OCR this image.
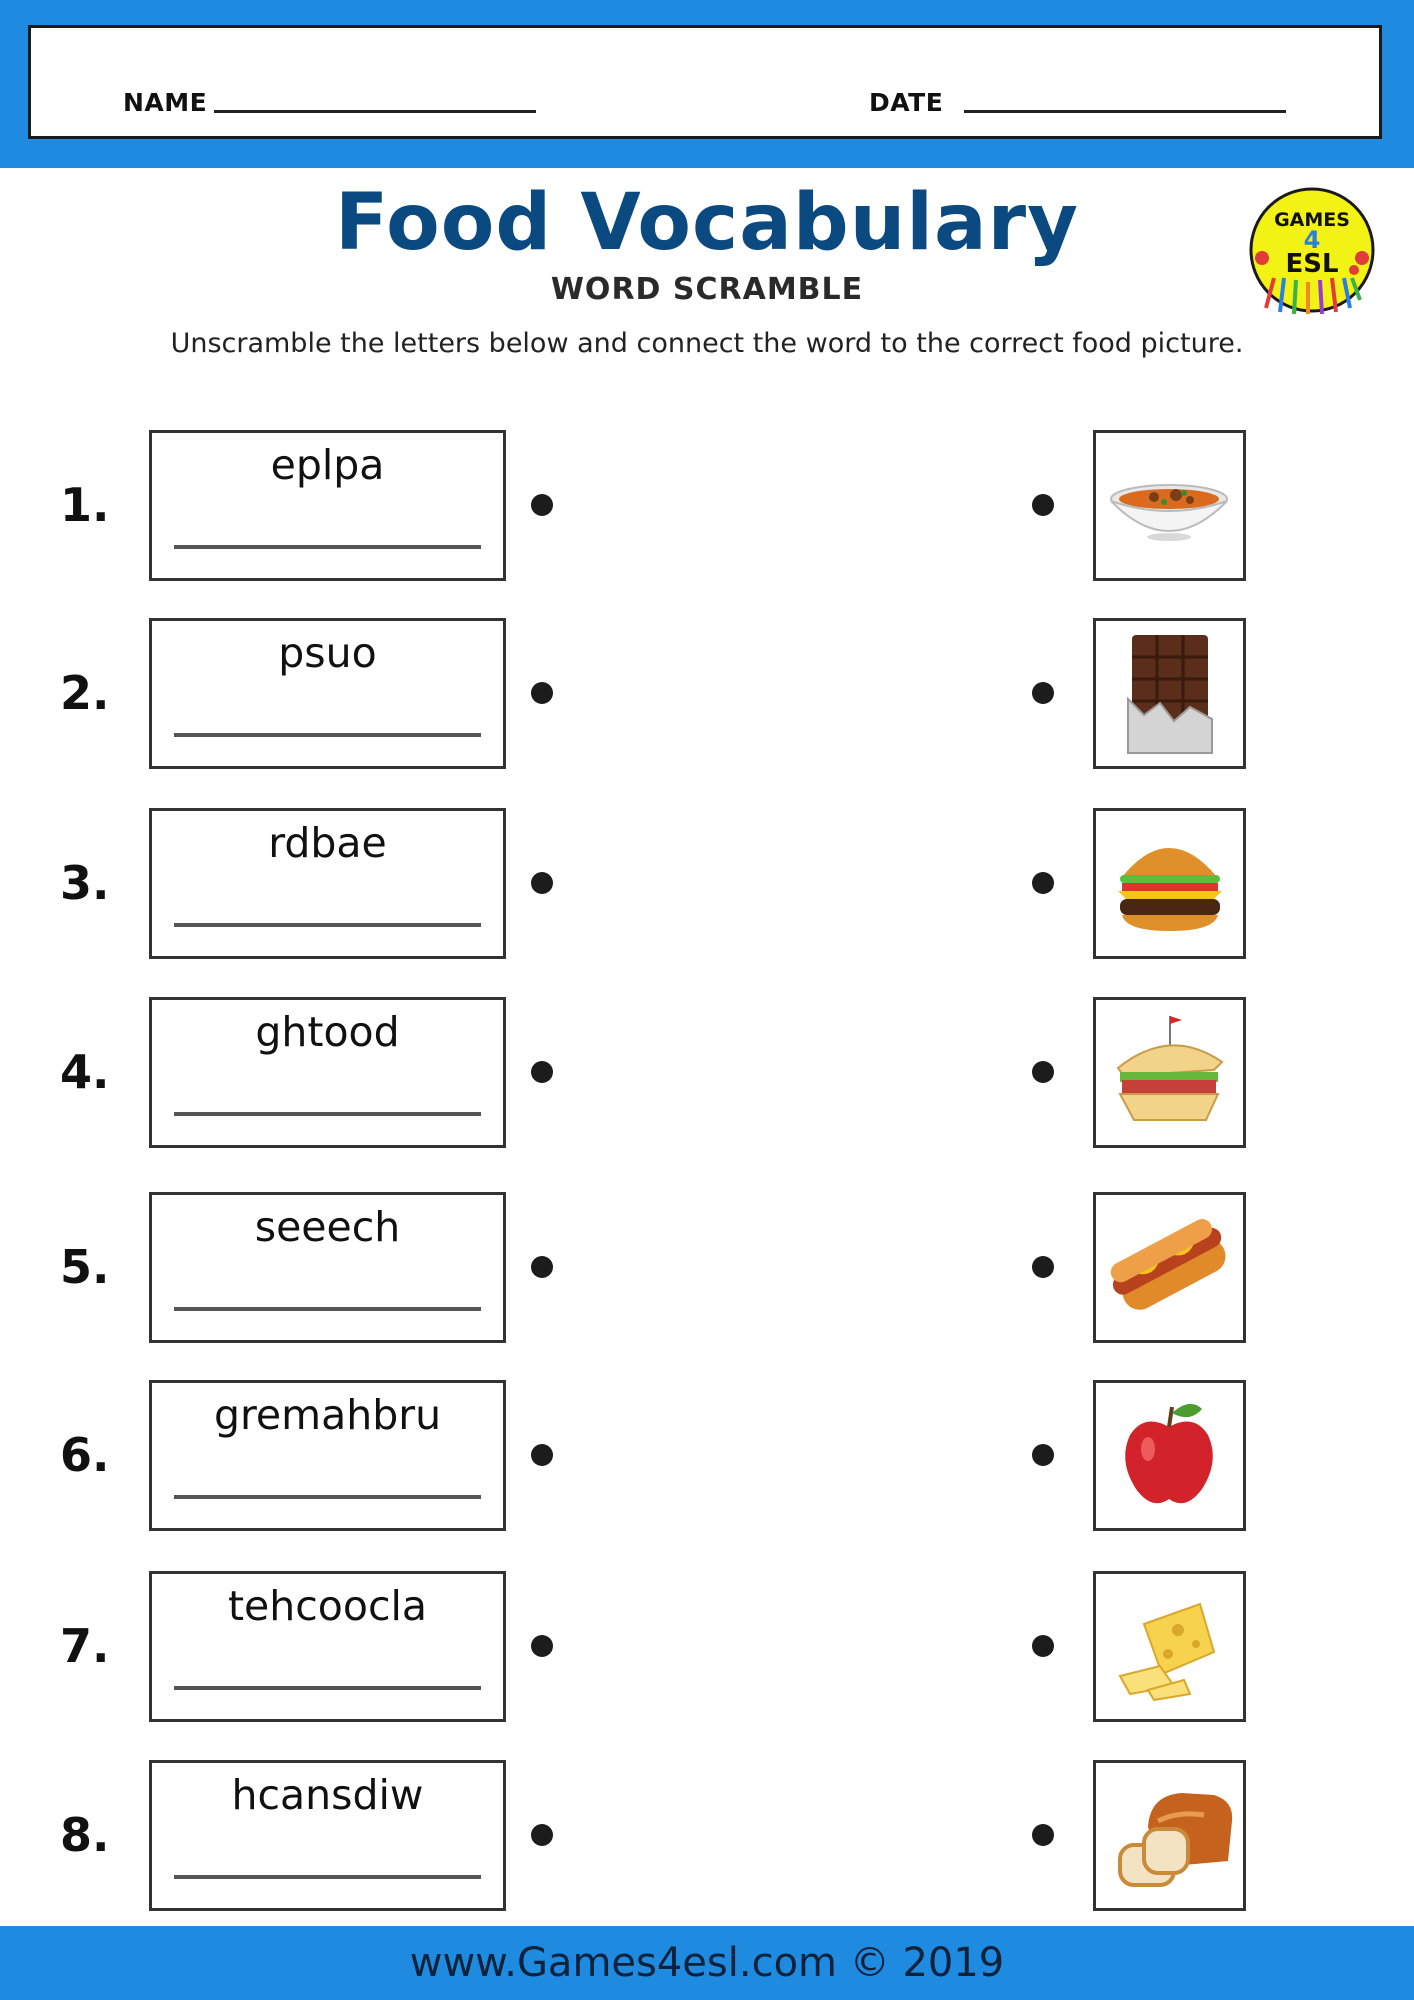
NAME	DATE
Food Vocabulary
WORD SCRAMBLE
Unscramble the letters below and connect the word to the correct food picture.
GAMES
4
ESL
1.
eplpa
2.
psuo
3.
rdbae
4.
ghtood
5.
seeech
6.
gremahbru
7.
tehcoocla
8.
hcansdiw
www.Games4esl.com © 2019
